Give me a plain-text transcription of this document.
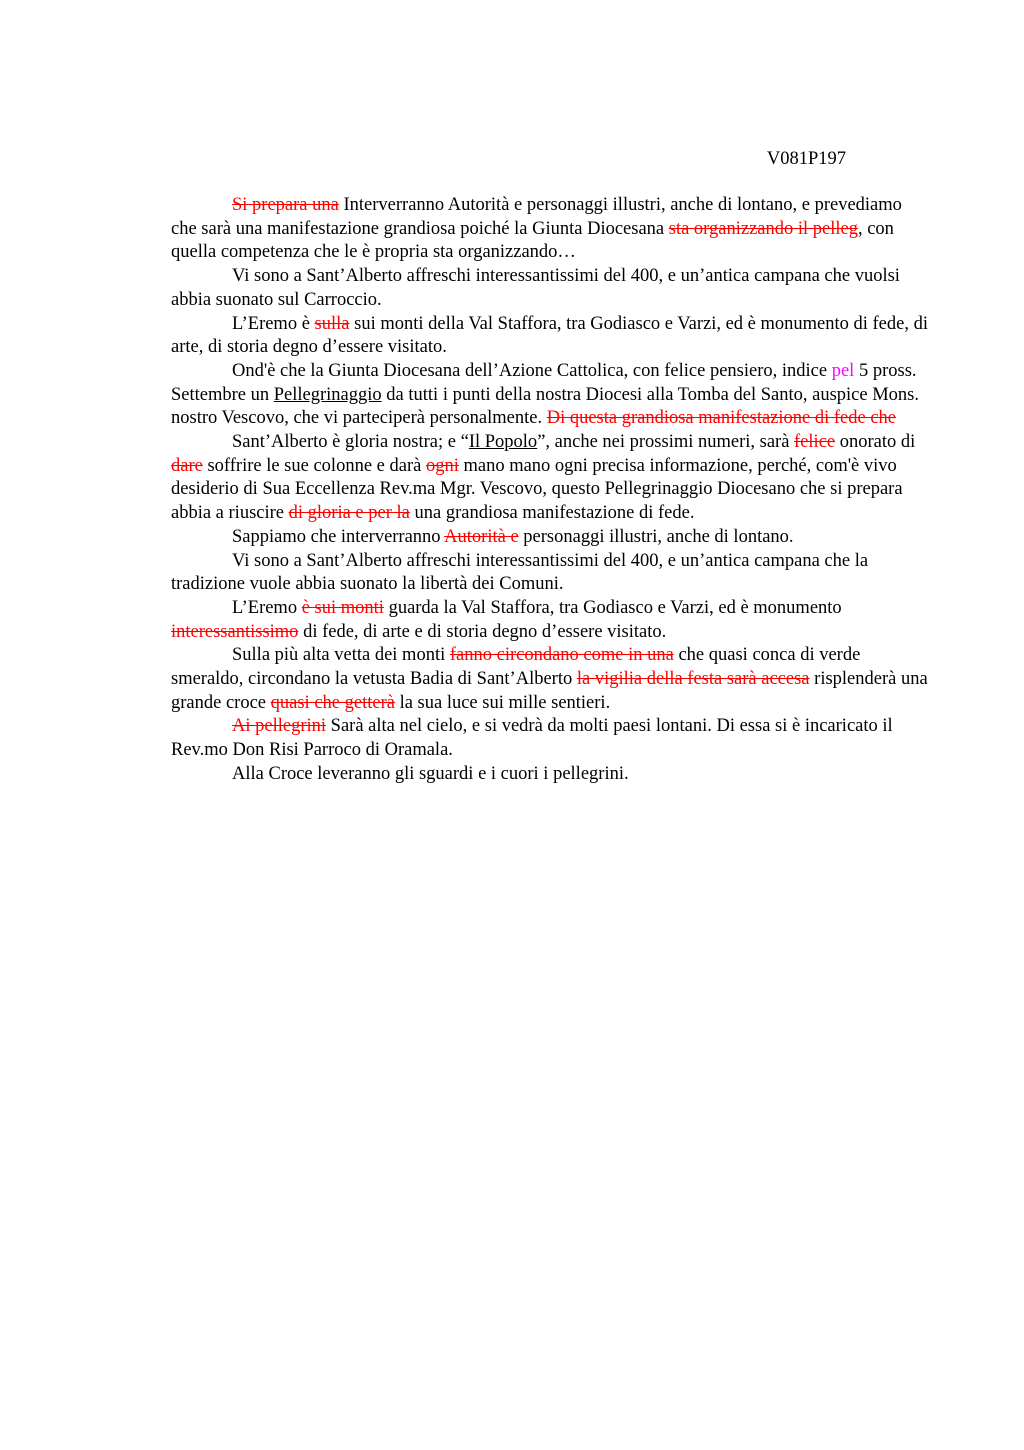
V081P197

Si prepara una Interverranno Autorità e personaggi illustri, anche di lontano, e prevediamo che sarà una manifestazione grandiosa poiché la Giunta Diocesana sta organizzando il pelleg, con quella competenza che le è propria sta organizzando…

Vi sono a Sant’Alberto affreschi interessantissimi del 400, e un’antica campana che vuolsi abbia suonato sul Carroccio.

L’Eremo è sulla sui monti della Val Staffora, tra Godiasco e Varzi, ed è monumento di fede, di arte, di storia degno d’essere visitato.

Ond'è che la Giunta Diocesana dell’Azione Cattolica, con felice pensiero, indice pel 5 pross. Settembre un Pellegrinaggio da tutti i punti della nostra Diocesi alla Tomba del Santo, auspice Mons. nostro Vescovo, che vi parteciperà personalmente. Di questa grandiosa manifestazione di fede che

Sant’Alberto è gloria nostra; e “Il Popolo”, anche nei prossimi numeri, sarà felice onorato di dare soffrire le sue colonne e darà ogni mano mano ogni precisa informazione, perché, com'è vivo desiderio di Sua Eccellenza Rev.ma Mgr. Vescovo, questo Pellegrinaggio Diocesano che si prepara abbia a riuscire di gloria e per la una grandiosa manifestazione di fede.

Sappiamo che interverranno Autorità e personaggi illustri, anche di lontano.

Vi sono a Sant’Alberto affreschi interessantissimi del 400, e un’antica campana che la tradizione vuole abbia suonato la libertà dei Comuni.

L’Eremo è sui monti guarda la Val Staffora, tra Godiasco e Varzi, ed è monumento interessantissimo di fede, di arte e di storia degno d’essere visitato.

Sulla più alta vetta dei monti fanno circondano come in una che quasi conca di verde smeraldo, circondano la vetusta Badia di Sant’Alberto la vigilia della festa sarà accesa risplenderà una grande croce quasi che getterà la sua luce sui mille sentieri.

Ai pellegrini Sarà alta nel cielo, e si vedrà da molti paesi lontani. Di essa si è incaricato il Rev.mo Don Risi Parroco di Oramala.

Alla Croce leveranno gli sguardi e i cuori i pellegrini.
